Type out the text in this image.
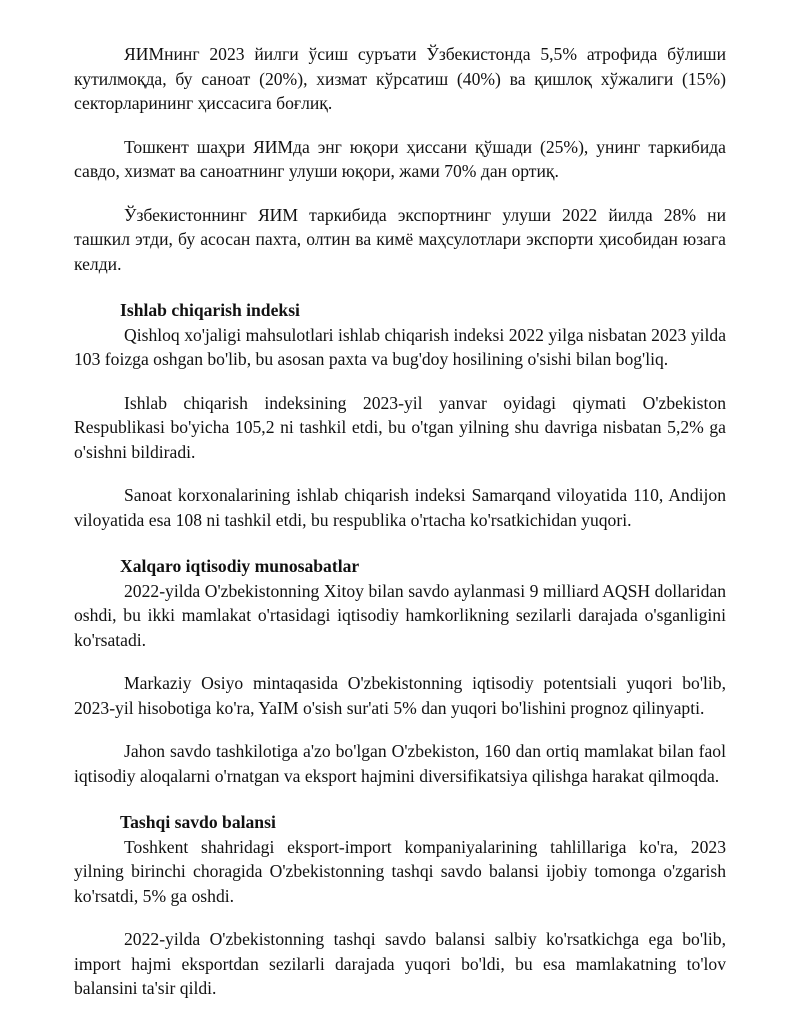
ЯИМнинг 2023 йилги ўсиш суръати Ўзбекистонда 5,5% атрофида бўлиши кутилмоқда, бу саноат (20%), хизмат кўрсатиш (40%) ва қишлоқ хўжалиги (15%) секторларининг ҳиссасига боғлиқ.

Тошкент шаҳри ЯИМда энг юқори ҳиссани қўшади (25%), унинг таркибида савдо, хизмат ва саноатнинг улуши юқори, жами 70% дан ортиқ.

Ўзбекистоннинг ЯИМ таркибида экспортнинг улуши 2022 йилда 28% ни ташкил этди, бу асосан пахта, олтин ва кимё маҳсулотлари экспорти ҳисобидан юзага келди.

Ishlab chiqarish indeksi

Qishloq xo'jaligi mahsulotlari ishlab chiqarish indeksi 2022 yilga nisbatan 2023 yilda 103 foizga oshgan bo'lib, bu asosan paxta va bug'doy hosilining o'sishi bilan bog'liq.

Ishlab chiqarish indeksining 2023-yil yanvar oyidagi qiymati O'zbekiston Respublikasi bo'yicha 105,2 ni tashkil etdi, bu o'tgan yilning shu davriga nisbatan 5,2% ga o'sishni bildiradi.

Sanoat korxonalarining ishlab chiqarish indeksi Samarqand viloyatida 110, Andijon viloyatida esa 108 ni tashkil etdi, bu respublika o'rtacha ko'rsatkichidan yuqori.

Xalqaro iqtisodiy munosabatlar

2022-yilda O'zbekistonning Xitoy bilan savdo aylanmasi 9 milliard AQSH dollaridan oshdi, bu ikki mamlakat o'rtasidagi iqtisodiy hamkorlikning sezilarli darajada o'sganligini ko'rsatadi.

Markaziy Osiyo mintaqasida O'zbekistonning iqtisodiy potentsiali yuqori bo'lib, 2023-yil hisobotiga ko'ra, YaIM o'sish sur'ati 5% dan yuqori bo'lishini prognoz qilinyapti.

Jahon savdo tashkilotiga a'zo bo'lgan O'zbekiston, 160 dan ortiq mamlakat bilan faol iqtisodiy aloqalarni o'rnatgan va eksport hajmini diversifikatsiya qilishga harakat qilmoqda.

Tashqi savdo balansi

Toshkent shahridagi eksport-import kompaniyalarining tahlillariga ko'ra, 2023 yilning birinchi choragida O'zbekistonning tashqi savdo balansi ijobiy tomonga o'zgarish ko'rsatdi, 5% ga oshdi.

2022-yilda O'zbekistonning tashqi savdo balansi salbiy ko'rsatkichga ega bo'lib, import hajmi eksportdan sezilarli darajada yuqori bo'ldi, bu esa mamlakatning to'lov balansini ta'sir qildi.
